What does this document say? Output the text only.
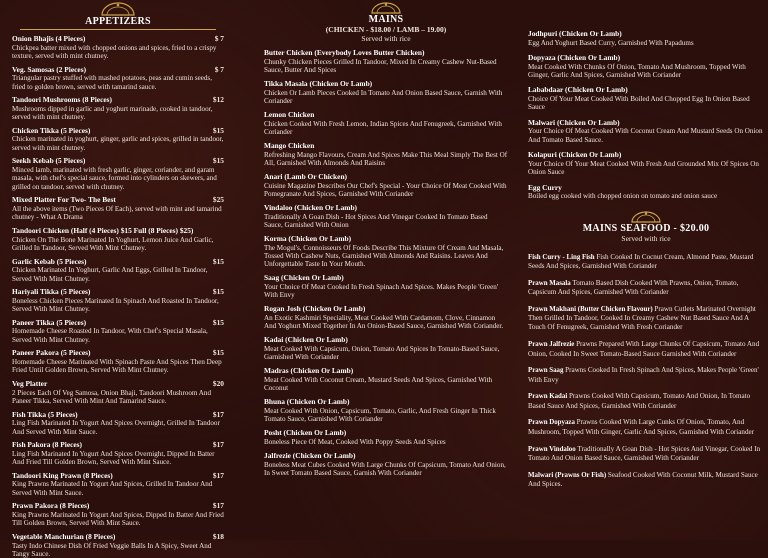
APPETIZERS
Onion Bhajis (4 Pieces)	$ 7
Chickpea batter mixed with chopped onions and spices, fried to a crispy texture, served with mint chutney.
Veg. Samosas (2 Pieces)	$ 7
Triangular pastry stuffed with mashed potatoes, peas and cumin seeds, fried to golden brown, served with tamarind sauce.
Tandoori Mushrooms (8 Pieces)	$12
Mushrooms dipped in garlic and yoghurt marinade, cooked in tandoor, served with mint chutney.
Chicken Tikka (5 Pieces)	$15
Chicken marinated in yoghurt, ginger, garlic and spices, grilled in tandoor, served with mint chutney.
Seekh Kebab (5 Pieces)	$15
Minced lamb, marinated with fresh garlic, ginger, coriander, and garam masala, with chef's special sauce, formed into cylinders on skewers, and grilled on tandoor, served with chutney.
Mixed Platter For Two- The Best	$25
All the above items (Two Pieces Of Each), served with mint and tamarind chutney - What A Drama
Tandoori Chicken (Half (4 Pieces) $15 Full (8 Pieces) $25)
Chicken On The Bone Marinated In Yoghurt, Lemon Juice And Garlic, Grilled In Tandoor, Served With Mint Chutney.
Garlic Kebab (5 Pieces)	$15
Chicken Marinated In Yoghurt, Garlic And Eggs, Grilled In Tandoor, Served With Mint Chutney.
Hariyali Tikka (5 Pieces)	$15
Boneless Chicken Pieces Marinated In Spinach And Roasted In Tandoor, Served With Mint Chutney.
Paneer Tikka (5 Pieces)	$15
Homemade Cheese Roasted In Tandoor, With Chef's Special Masala, Served With Mint Chutney.
Paneer Pakora (5 Pieces)	$15
Homemade Cheese Marinated With Spinach Paste And Spices Then Deep Fried Until Golden Brown, Served With Mint Chutney.
Veg Platter	$20
2 Pieces Each Of Veg Samosa, Onion Bhaji, Tandoori Mushroom And Paneer Tikka, Served With Mint And Tamarind Sauce.
Fish Tikka (5 Pieces)	$17
Ling Fish Marinated In Yogurt And Spices Overnight, Grilled In Tandoor And Served With Mint Sauce.
Fish Pakora (8 Pieces)	$17
Ling Fish Marinated In Yogurt And Spices Overnight, Dipped In Batter And Fried Till Golden Brown, Served With Mint Sauce.
Tandoori King Prawn (8 Pieces)	$17
King Prawns Marinated In Yogurt And Spices, Grilled In Tandoor And Served With Mint Sauce.
Prawn Pakora (8 Pieces)	$17
King Prawns Marinated In Yogurt And Spices, Dipped In Batter And Fried Till Golden Brown, Served With Mint Sauce.
Vegetable Manchurian (8 Pieces)	$18
Tasty Indo Chinese Dish Of Fried Veggie Balls In A Spicy, Sweet And Tangy Sauce.
MAINS
(CHICKEN - $18.00 / LAMB – 19.00)
Served with rice
Butter Chicken (Everybody Loves Butter Chicken)
Chunky Chicken Pieces Grilled In Tandoor, Mixed In Creamy Cashew Nut-Based Sauce, Butter And Spices
Tikka Masala (Chicken Or Lamb)
Chicken Or Lamb Pieces Cooked In Tomato And Onion Based Sauce, Garnish With Coriander
Lemon Chicken
Chicken Cooked With Fresh Lemon, Indian Spices And Fenugreek, Garnished With Coriander
Mango Chicken
Refreshing Mango Flavours, Cream And Spices Make This Meal Simply The Best Of All, Garnished With Almonds And Raisins
Anari (Lamb Or Chicken)
Cuisine Magazine Describes Our Chef's Special - Your Choice Of Meat Cooked With Pomegranate And Spices, Garnished With Coriander
Vindaloo (Chicken Or Lamb)
Traditionally A Goan Dish - Hot Spices And Vinegar Cooked In Tomato Based Sauce, Garnished With Onion
Korma (Chicken Or Lamb)
The Mogul's, Connoisseurs Of Foods Describe This Mixture Of Cream And Masala, Tossed With Cashew Nuts, Garnished With Almonds And Raisins. Leaves And Unforgettable Taste In Your Mouth.
Saag (Chicken Or Lamb)
Your Choice Of Meat Cooked In Fresh Spinach And Spices. Makes People 'Green' With Envy
Rogan Josh (Chicken Or Lamb)
An Exotic Kashmiri Speciality, Meat Cooked With Cardamom, Clove, Cinnamon And Yoghurt Mixed Together In An Onion-Based Sauce, Garnished With Coriander.
Kadai (Chicken Or Lamb)
Meat Cooked With Capsicum, Onion, Tomato And Spices In Tomato-Based Sauce, Garnished With Coriander
Madras (Chicken Or Lamb)
Meat Cooked With Coconut Cream, Mustard Seeds And Spices, Garnished With Coconut
Bhuna (Chicken Or Lamb)
Meat Cooked With Onion, Capsicum, Tomato, Garlic, And Fresh Ginger In Thick Tomato Sauce, Garnished With Coriander
Posht (Chicken Or Lamb)
Boneless Piece Of Meat, Cooked With Poppy Seeds And Spices
Jalfrezie (Chicken Or Lamb)
Boneless Meat Cubes Cooked With Large Chunks Of Capsicum, Tomato And Onion, In Sweet Tomato Based Sauce, Garnish With Coriander
Jodhpuri (Chicken Or Lamb)
Egg And Yoghurt Based Curry, Garnished With Papadums
Dopyaza (Chicken Or Lamb)
Meat Cooked With Chunks Of Onion, Tomato And Mushroom, Topped With Ginger, Garlic And Spices, Garnished With Coriander
Lababdaar (Chicken Or Lamb)
Choice Of Your Meat Cooked With Boiled And Chopped Egg In Onion Based Sauce
Malwari (Chicken Or Lamb)
Your Choice Of Meat Cooked With Coconut Cream And Mustard Seeds On Onion And Tomato Based Sauce.
Kolapuri (Chicken Or Lamb)
Your Choice Of Your Meat Cooked With Fresh And Grounded Mix Of Spices On Onion Sauce
Egg Curry
Boiled egg cooked with chopped onion on tomato and onion sauce
MAINS SEAFOOD - $20.00
Served with rice
Fish Curry - Ling Fish Fish Cooked In Cocnut Cream, Almond Paste, Mustard Seeds And Spices, Garnished With Coriander
Prawn Masala Tomato Based Dish Cooked With Prawns, Onion, Tomato, Capsicum And Spices, Garnished With Coriander
Prawn Makhani (Butter Chicken Flavour) Prawn Cutlets Marinated Overnight Then Grilled In Tandoor, Cooked In Creamy Cashew Nut Based Sauce And A Touch Of Fenugreek, Garnished With Fresh Coriander
Prawn Jalfreziе Prawns Prepared With Large Chunks Of Capsicum, Tomato And Onion, Cooked In Sweet Tomato-Based Sauce Garnished With Coriander
Prawn Saag Prawns Cooked In Fresh Spinach And Spices, Makes People 'Green' With Envy
Prawn Kadai Prawns Cooked With Capsicum, Tomato And Onion, In Tomato Based Sauce And Spices, Garnished With Coriander
Prawn Dopyaza Prawns Cooked With Large Cunks Of Onion, Tomato, And Mushroom, Topped With Ginger, Garlic And Spices, Garnished With Coriander
Prawn Vindaloo Traditionally A Goan Dish - Hot Spices And Vinegar, Cooked In Tomato And Onion Based Sauce, Garnished With Coriander
Malwari (Prawns Or Fish) Seafood Cooked With Coconut Milk, Mustard Sauce And Spices.
